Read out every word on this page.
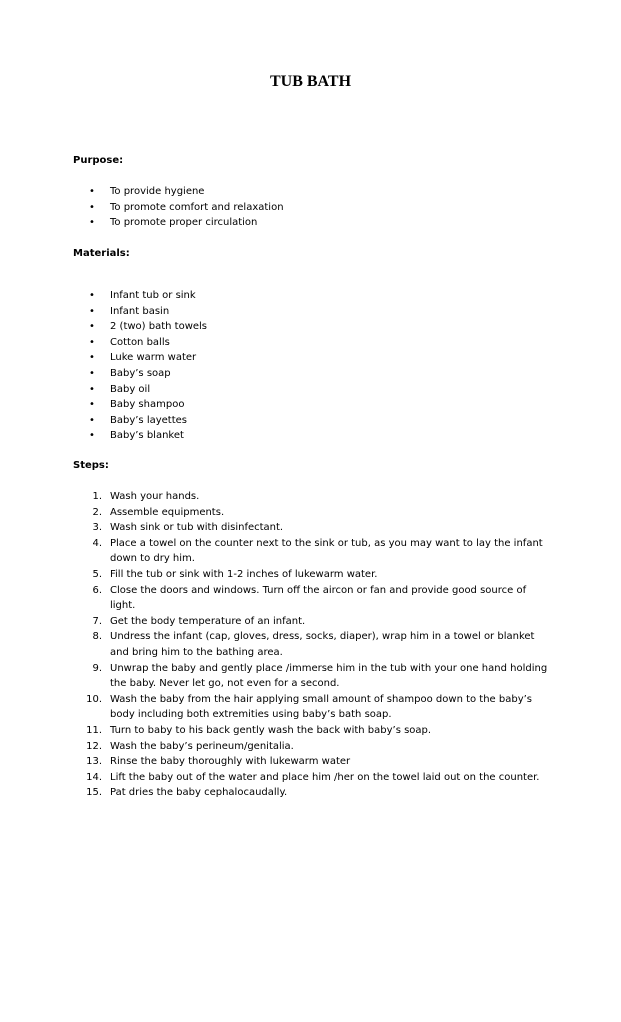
TUB BATH

Purpose:

• To provide hygiene
• To promote comfort and relaxation
• To promote proper circulation

Materials:

• Infant tub or sink
• Infant basin
• 2 (two) bath towels
• Cotton balls
• Luke warm water
• Baby’s soap
• Baby oil
• Baby shampoo
• Baby’s layettes
• Baby’s blanket

Steps:

1. Wash your hands.
2. Assemble equipments.
3. Wash sink or tub with disinfectant.
4. Place a towel on the counter next to the sink or tub, as you may want to lay the infant down to dry him.
5. Fill the tub or sink with 1-2 inches of lukewarm water.
6. Close the doors and windows. Turn off the aircon or fan and provide good source of light.
7. Get the body temperature of an infant.
8. Undress the infant (cap, gloves, dress, socks, diaper), wrap him in a towel or blanket and bring him to the bathing area.
9. Unwrap the baby and gently place /immerse him in the tub with your one hand holding the baby. Never let go, not even for a second.
10. Wash the baby from the hair applying small amount of shampoo down to the baby’s body including both extremities using baby’s bath soap.
11. Turn to baby to his back gently wash the back with baby’s soap.
12. Wash the baby’s perineum/genitalia.
13. Rinse the baby thoroughly with lukewarm water
14. Lift the baby out of the water and place him /her on the towel laid out on the counter.
15. Pat dries the baby cephalocaudally.
